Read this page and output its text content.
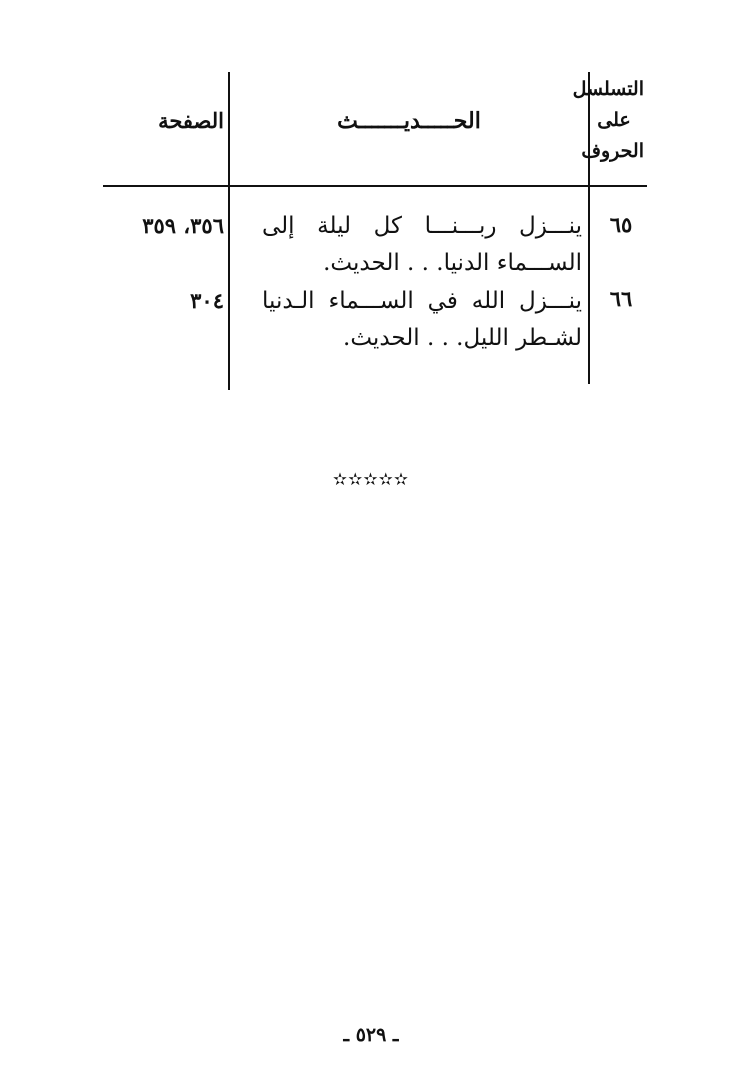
التسلسل
على
الحروف
الحـــــديـــــــث
الصفحة
٦٥
ينـــزل ربـــنـــا كل ليلة إلى الســـماء الدنيا. . . الحديث.
٣٥٦، ٣٥٩
٦٦
ينـــزل الله في الســـماء الـدنيا لشـطر الليل. . . الحديث.
٣٠٤
✫✫✫✫✫
ـ ٥٢٩ ـ
